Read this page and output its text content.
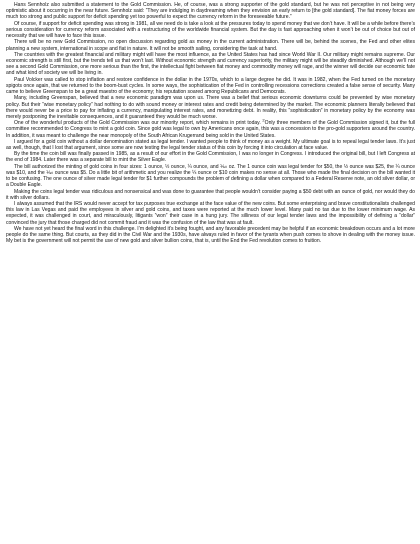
Hans Sennholz also submitted a statement to the Gold Commission. He, of course, was a strong supporter of the gold standard, but he was not perceptive in not being very optimistic about it occurring in the near future. Sennholz said: “They are indulging in daydreaming when they envision an early return to [the gold standard]. The fiat money forces are much too strong and public support for deficit spending yet too powerful to expect the currency reform in the foreseeable future.”

Of course, if support for deficit spending was strong in 1981, all we need do is take a look at the pressures today to spend money that we don’t have. It will be a while before there’s serious consideration for currency reform associated with a restructuring of the worldwide financial system. But the day is fast approaching when it won’t be out of choice but out of necessity that we will have to face this issue.

There will be no new Gold Commission, no open discussion regarding gold as money in the current administration. There will be, behind the scenes, the Fed and other elites planning a new system, international in scope and fiat in nature. It will not be smooth sailing, considering the task at hand.

The countries with the greatest financial and military might will have the most influence, as the United States has had since World War II. Our military might remains supreme. Our economic strength is still first, but the trends tell us that won’t last. Without economic strength and currency superiority, the military might will be steadily diminished. Although we’ll not see a second Gold Commission, one more serious than the first, the intellectual fight between fiat money and commodity money will rage, and the winner will decide our economic fate and what kind of society we will be living in.

Paul Volcker was called to stop inflation and restore confidence in the dollar in the 1970s, which to a large degree he did. It was in 1982, when the Fed turned on the monetary spigots once again, that we returned to the boom-bust cycles. In some ways, the sophistication of the Fed in controlling recessions corrections created a false sense of security. Many came to believe Greenspan to be a great maestro of the economy; his reputation soared among Republicans and Democrats.

Many, including Greenspan, believed that a new economic paradigm was upon us. There was a belief that serious economic downturns could be prevented by wise monetary policy. But their “wise monetary policy” had nothing to do with sound money or interest rates and credit being determined by the market. The economic planners literally believed that there would never be a price to pay for inflating a currency, manipulating interest rates, and monetizing debt. In reality, this “sophistication” in monetary policy by the economy was merely postponing the inevitable consequences, and it guaranteed they would be much worse.

One of the wonderful products of the Gold Commission was our minority report, which remains in print today. $^2$Only three members of the Gold Commission signed it, but the full committee recommended to Congress to mint a gold coin. Since gold was legal to own by Americans once again, this was a concession to the pro-gold supporters around the country. In addition, it was meant to challenge the near monopoly of the South African Krugerrand being sold in the United States.

I argued for a gold coin without a dollar denomination stated as legal tender. I wanted people to think of money as a weight. My ultimate goal is to repeal legal tender laws. It’s just as well, though, that I lost that argument, since some are now testing the legal tender status of this coin by forcing it into circulation at face value.

By the time the coin bill was finally passed in 1985, as a result of our effort in the Gold Commission, I was no longer in Congress. I introduced the original bill, but I left Congress at the end of 1984. Later there was a separate bill to mint the Silver Eagle.

The bill authorized the minting of gold coins in four sizes: 1 ounce, ½ ounce, ¼ ounce, and ⅒ oz. The 1 ounce coin was legal tender for $50, the ½ ounce was $25, the ¼ ounce was $10, and the ⅒ ounce was $5. Do a little bit of arithmetic and you realize the ¼ ounce or $10 coin makes no sense at all. Those who made the final decision on the bill wanted it to be confusing. The one ounce of silver made legal tender for $1 further compounds the problem of defining a dollar when compared to a Federal Reserve note, an old silver dollar, or a Double Eagle.

Making the coins legal tender was ridiculous and nonsensical and was done to guarantee that people wouldn’t consider paying a $50 debt with an ounce of gold, nor would they do it with silver dollars.

I always assumed that the IRS would never accept for tax purposes true exchange at the face value of the new coins. But some enterprising and brave constitutionalists challenged this law in Las Vegas and paid the employees in silver and gold coins, and taxes were reported at the much lower level. Many paid no tax due to the lower minimum wage. As expected, it was challenged in court, and miraculously, litigants “won” their case in a hung jury. The silliness of our legal tender laws and the impossibility of defining a “dollar” convinced the jury that those charged did not commit fraud and it was the confusion of the law that was at fault.

We have not yet heard the final word in this challenge. I’m delighted it’s being fought, and any favorable precedent may be helpful if an economic breakdown occurs and a lot more people do the same thing. But courts, as they did in the Civil War and the 1930s, have always ruled in favor of the tyrants when push comes to shove in dealing with the money issue. My bet is the government will not permit the use of new gold and silver bullion coins, that is, until the End the Fed revolution comes to fruition.
